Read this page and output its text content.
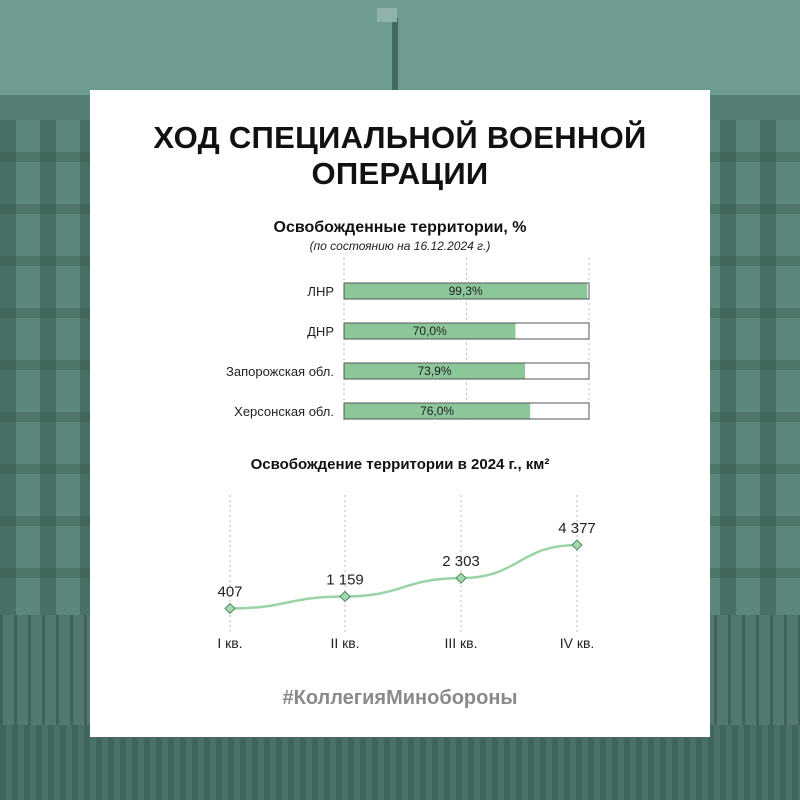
ХОД СПЕЦИАЛЬНОЙ ВОЕННОЙ
ОПЕРАЦИИ
Освобожденные территории, %
(по состоянию на 16.12.2024 г.)
ЛНР	99,3%
ДНР	70,0%
Запорожская обл.	73,9%
Херсонская обл.	76,0%
Освобождение территории в 2024 г., км²
407
I кв.
1 159
II кв.
2 303
III кв.
4 377
IV кв.
#КоллегияМинобороны
